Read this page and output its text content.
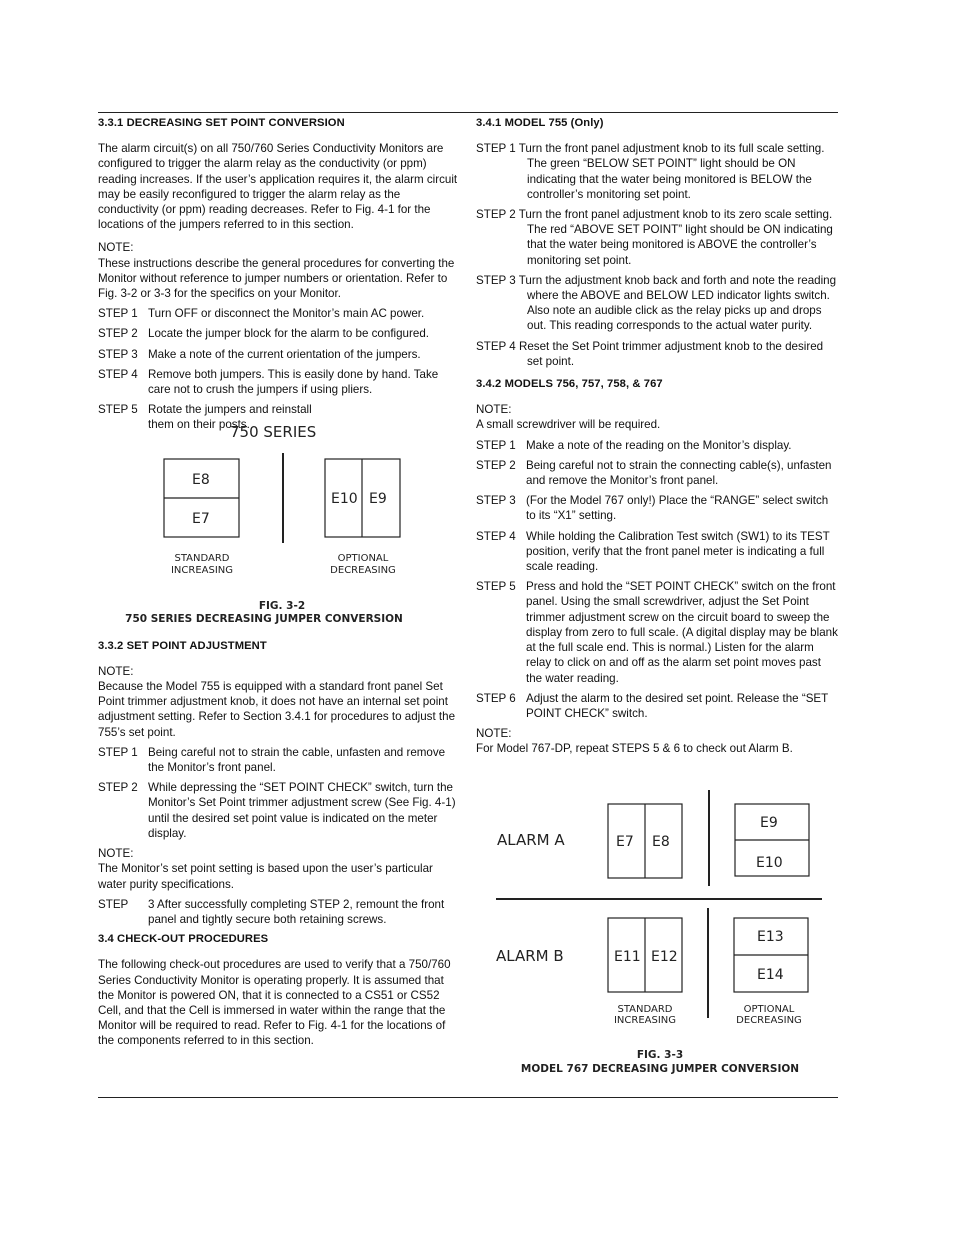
3.3.1 DECREASING SET POINT CONVERSION
The alarm circuit(s) on all 750/760 Series Conductivity Monitors are configured to trigger the alarm relay as the conductivity (or ppm) reading increases. If the user’s application requires it, the alarm circuit may be easily reconfigured to trigger the alarm relay as the conductivity (or ppm) reading decreases. Refer to Fig. 4-1 for the locations of the jumpers referred to in this section.
NOTE:
These instructions describe the general procedures for converting the Monitor without reference to jumper numbers or orientation. Refer to Fig. 3-2 or 3-3 for the specifics on your Monitor.
STEP 1 Turn OFF or disconnect the Monitor’s main AC power.
STEP 2 Locate the jumper block for the alarm to be configured.
STEP 3 Make a note of the current orientation of the jumpers.
STEP 4 Remove both jumpers. This is easily done by hand. Take care not to crush the jumpers if using pliers.
STEP 5 Rotate the jumpers and reinstall them on their posts.
750 SERIES
E8
E7
E10 E9
STANDARD
INCREASING
OPTIONAL
DECREASING
FIG. 3-2
750 SERIES DECREASING JUMPER CONVERSION
3.3.2 SET POINT ADJUSTMENT
NOTE:
Because the Model 755 is equipped with a standard front panel Set Point trimmer adjustment knob, it does not have an internal set point adjustment setting. Refer to Section 3.4.1 for procedures to adjust the 755’s set point.
STEP 1 Being careful not to strain the cable, unfasten and remove the Monitor’s front panel.
STEP 2 While depressing the “SET POINT CHECK” switch, turn the Monitor’s Set Point trimmer adjustment screw (See Fig. 4-1) until the desired set point value is indicated on the meter display.
NOTE:
The Monitor’s set point setting is based upon the user’s particular water purity specifications.
STEP	3 After successfully completing STEP 2, remount the front panel and tightly secure both retaining screws.
3.4 CHECK-OUT PROCEDURES
The following check-out procedures are used to verify that a 750/760 Series Conductivity Monitor is operating properly. It is assumed that the Monitor is powered ON, that it is connected to a CS51 or CS52 Cell, and that the Cell is immersed in water within the range that the Monitor will be required to read. Refer to Fig. 4-1 for the locations of the components referred to in this section.
3.4.1 MODEL 755 (Only)
STEP 1 Turn the front panel adjustment knob to its full scale setting. The green “BELOW SET POINT” light should be ON indicating that the water being monitored is BELOW the controller’s monitoring set point.
STEP 2 Turn the front panel adjustment knob to its zero scale setting. The red “ABOVE SET POINT” light should be ON indicating that the water being monitored is ABOVE the controller’s monitoring set point.
STEP 3 Turn the adjustment knob back and forth and note the reading where the ABOVE and BELOW LED indicator lights switch. Also note an audible click as the relay picks up and drops out. This reading corresponds to the actual water purity.
STEP 4 Reset the Set Point trimmer adjustment knob to the desired set point.
3.4.2 MODELS 756, 757, 758, & 767
NOTE:
A small screwdriver will be required.
STEP 1 Make a note of the reading on the Monitor’s display.
STEP 2 Being careful not to strain the connecting cable(s), unfasten and remove the Monitor’s front panel.
STEP 3 (For the Model 767 only!) Place the “RANGE” select switch to its “X1” setting.
STEP 4 While holding the Calibration Test switch (SW1) to its TEST position, verify that the front panel meter is indicating a full scale reading.
STEP 5 Press and hold the “SET POINT CHECK” switch on the front panel. Using the small screwdriver, adjust the Set Point trimmer adjustment screw on the circuit board to sweep the display from zero to full scale. (A digital display may be blank at the full scale end. This is normal.) Listen for the alarm relay to click on and off as the alarm set point moves past the water reading.
STEP 6 Adjust the alarm to the desired set point. Release the “SET POINT CHECK” switch.
NOTE:
For Model 767-DP, repeat STEPS 5 & 6 to check out Alarm B.
ALARM A	E7 E8
E9
E10
ALARM B	E11 E12
E13
E14
STANDARD
INCREASING
OPTIONAL
DECREASING
FIG. 3-3
MODEL 767 DECREASING JUMPER CONVERSION
